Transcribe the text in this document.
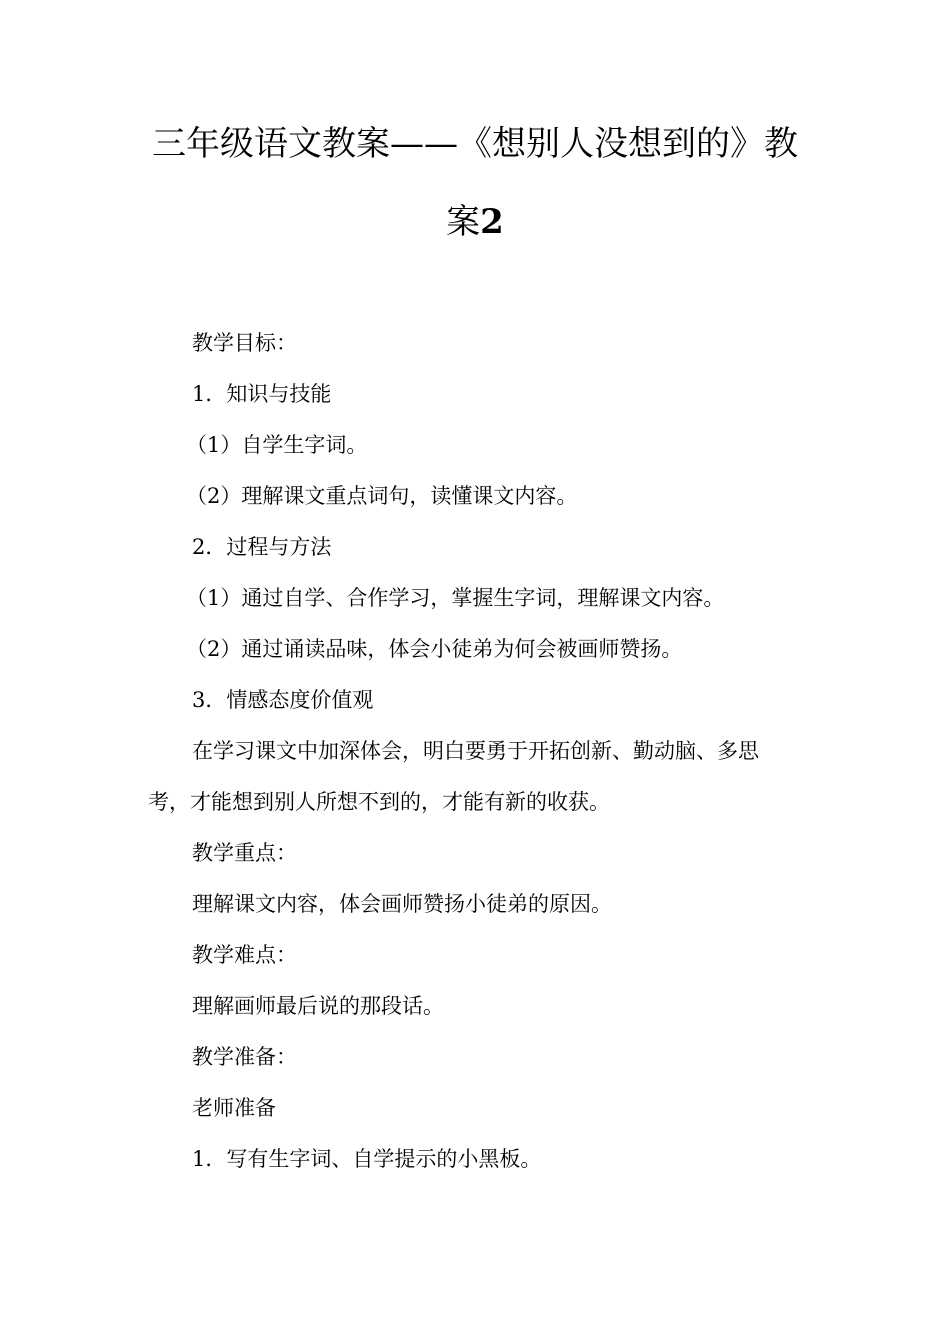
三年级语文教案——《想别人没想到的》教
案2
教学目标：
1．知识与技能
（1）自学生字词。
（2）理解课文重点词句，读懂课文内容。
2．过程与方法
（1）通过自学、合作学习，掌握生字词，理解课文内容。
（2）通过诵读品味，体会小徒弟为何会被画师赞扬。
3．情感态度价值观
在学习课文中加深体会，明白要勇于开拓创新、勤动脑、多思
考，才能想到别人所想不到的，才能有新的收获。
教学重点：
理解课文内容，体会画师赞扬小徒弟的原因。
教学难点：
理解画师最后说的那段话。
教学准备：
老师准备
1．写有生字词、自学提示的小黑板。
